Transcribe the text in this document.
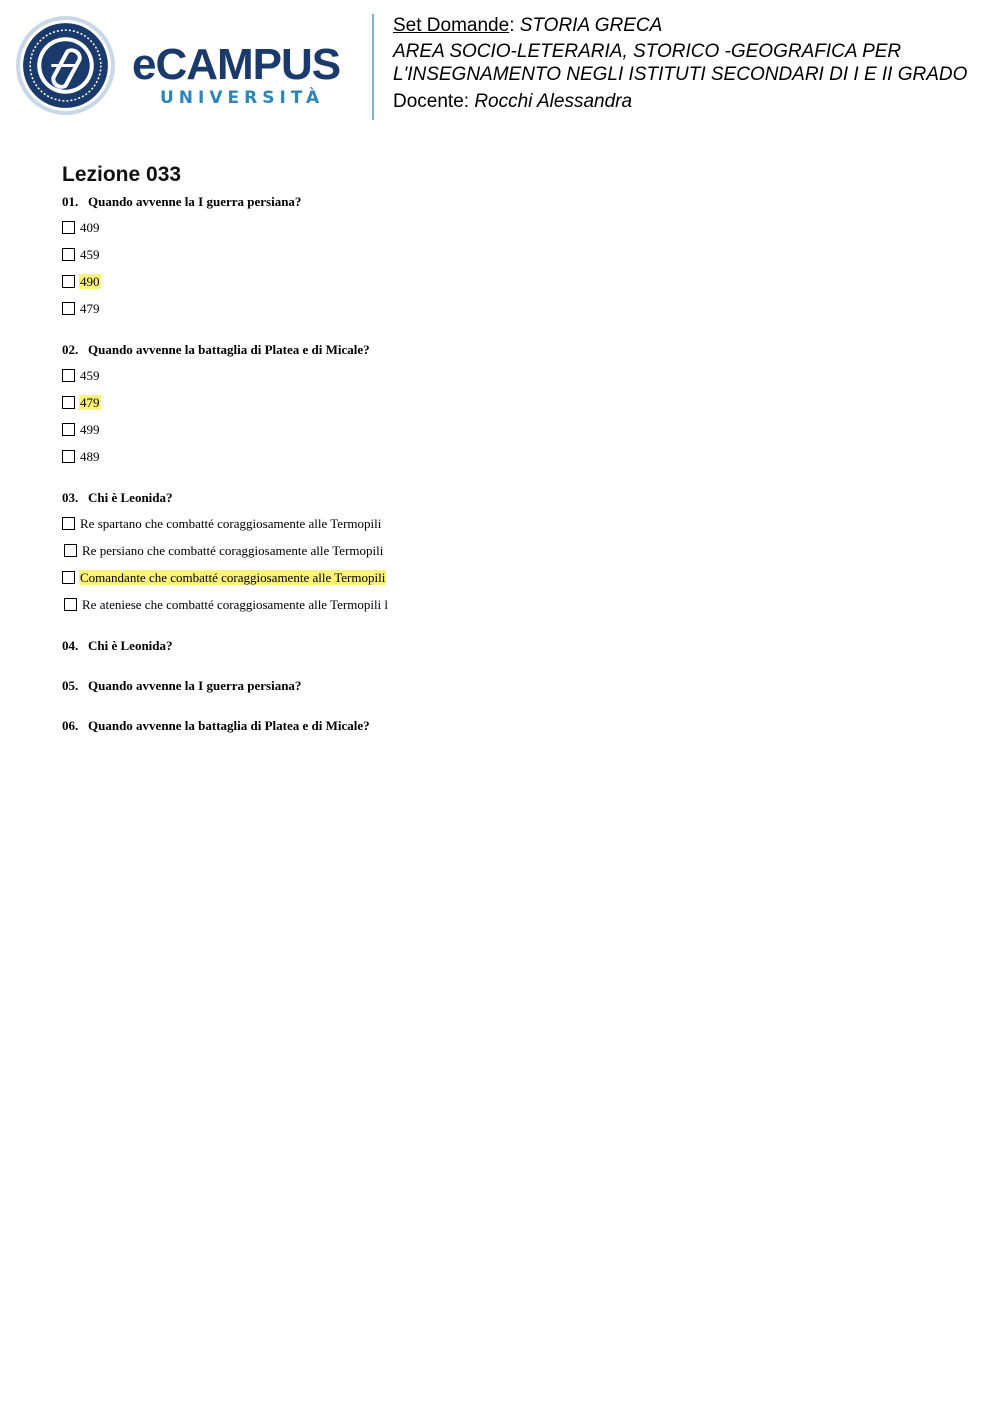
eCAMPUS
UNIVERSITÀ
Set Domande: STORIA GRECA
AREA SOCIO-LETERARIA, STORICO -GEOGRAFICA PER
L'INSEGNAMENTO NEGLI ISTITUTI SECONDARI DI I E II GRADO
Docente: Rocchi Alessandra
Lezione 033
01. Quando avvenne la I guerra persiana?
409
459
490
479
02. Quando avvenne la battaglia di Platea e di Micale?
459
479
499
489
03. Chi è Leonida?
Re spartano che combatté coraggiosamente alle Termopili
Re persiano che combatté coraggiosamente alle Termopili
Comandante che combatté coraggiosamente alle Termopili
Re ateniese che combatté coraggiosamente alle Termopili l
04. Chi è Leonida?
05. Quando avvenne la I guerra persiana?
06. Quando avvenne la battaglia di Platea e di Micale?
